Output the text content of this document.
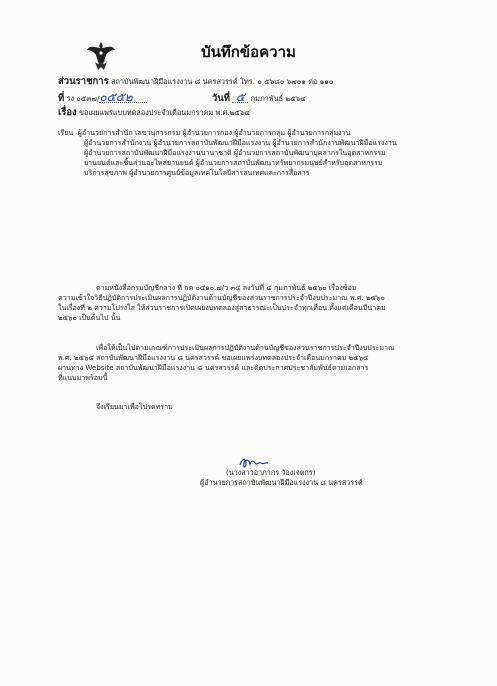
บันทึกข้อความ
ส่วนราชการ สถาบันพัฒนาฝีมือแรงงาน ๘ นครสวรรค์ โทร. ๐ ๕๖๘๐ ๖๗๐๑ ต่อ ๑๑๐
ที่ รง ๐๕๓๗/๐๕๕๒	วันที่ ๕ กุมภาพันธ์ ๒๕๖๔
เรื่อง ขอเผยแพร่แบบทดลองประจำเดือนมกราคม พ.ศ.๒๕๖๔

เรียน ผู้อำนวยการสำนัก เลขานุการกรม ผู้อำนวยการกอง ผู้อำนวยการกลุ่ม ผู้อำนวยการกลุ่มงาน

ผู้อำนวยการสำนักงาน ผู้อำนวยการสถาบันพัฒนาฝีมือแรงงาน ผู้อำนวยการสำนักงานพัฒนาฝีมือแรงงาน

ผู้อำนวยการสถาบันพัฒนาฝีมือแรงงานนานาชาติ ผู้อำนวยการสถาบันพัฒนาบุคลากรในอุตสาหกรรม

ยานยนต์และชิ้นส่วนอะไหล่ยานยนต์ ผู้อำนวยการสถาบันพัฒนาทรัพยากรมนุษย์สำหรับอุตสาหกรรม

บริการสุขภาพ ผู้อำนวยการศูนย์ข้อมูลเทคโนโลยีสารสนเทศและการสื่อสาร

ตามหนังสือกรมบัญชีกลาง ที่ กค ๐๔๑๐.๗/ว ๓๔ ลงวันที่ ๔ กุมภาพันธ์ ๒๕๖๐ เรื่องซ้อม

ความเข้าใจวิธีปฏิบัติการประเมินผลการปฏิบัติงานด้านบัญชีของส่วนราชการประจำปีงบประมาณ พ.ศ. ๒๕๖๐

ในเรื่องที่ ๒ ความโปร่งใส ให้ส่วนราชการเปิดเผยงบทดลองสู่สาธารณะเป็นประจำทุกเดือน ตั้งแต่เดือนมีนาคม

๒๕๖๐ เป็นต้นไป นั้น

เพื่อให้เป็นไปตามเกณฑ์การประเมินผลการปฏิบัติงานด้านบัญชีของส่วนราชการประจำปีงบประมาณ

พ.ศ. ๒๕๖๔ สถาบันพัฒนาฝีมือแรงงาน ๘ นครสวรรค์ ขอเผยแพร่งบทดลองประจำเดือนมกราคม ๒๕๖๔

ผ่านทาง Website สถาบันพัฒนาฝีมือแรงงาน ๘ นครสวรรค์ และติดประกาศประชาสัมพันธ์ตามเอกสาร

ที่แนบมาพร้อมนี้

จึงเรียนมาเพื่อโปรดทราบ

(นางสาวอาภากร วัองเจตกร)
ผู้อำนวยการสถาบันพัฒนาฝีมือแรงงาน ๘ นครสวรรค์
